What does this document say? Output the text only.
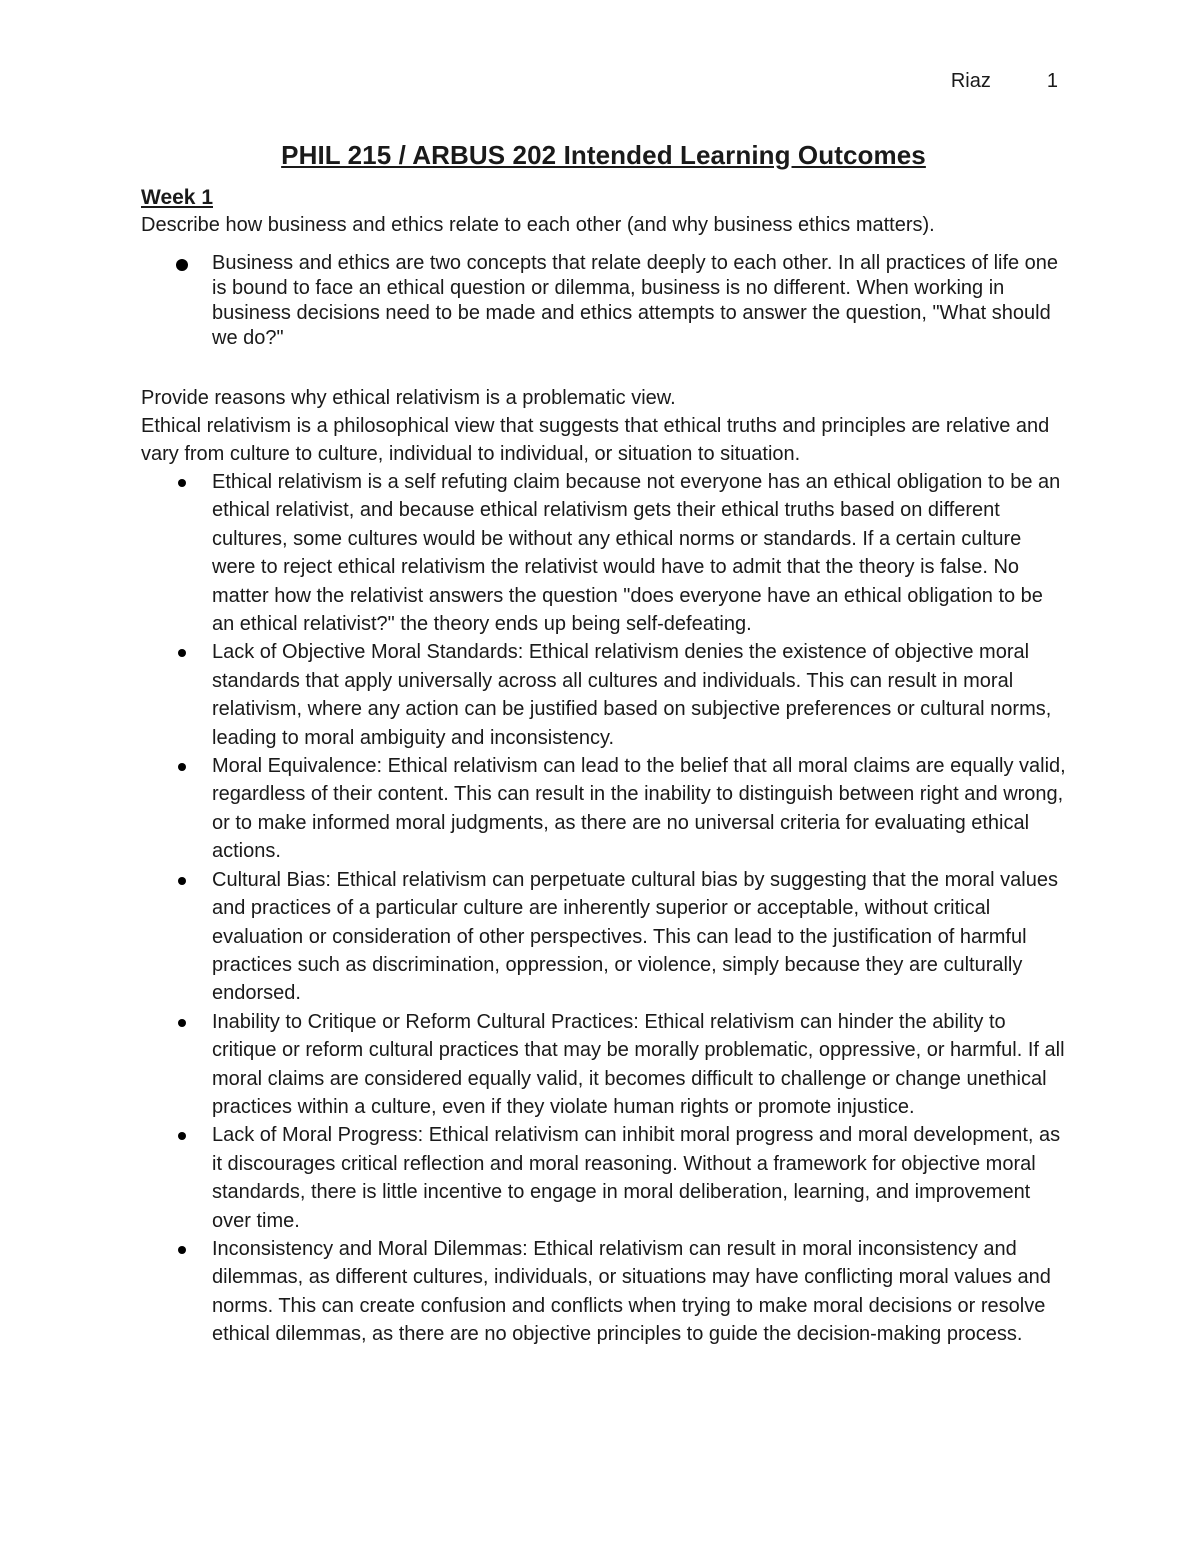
Riaz	1
PHIL 215 / ARBUS 202 Intended Learning Outcomes
Week 1

Describe how business and ethics relate to each other (and why business ethics matters).

Business and ethics are two concepts that relate deeply to each other. In all practices of life one is bound to face an ethical question or dilemma, business is no different. When working in business decisions need to be made and ethics attempts to answer the question, "What should we do?"

Provide reasons why ethical relativism is a problematic view.

Ethical relativism is a philosophical view that suggests that ethical truths and principles are relative and vary from culture to culture, individual to individual, or situation to situation.

Ethical relativism is a self refuting claim because not everyone has an ethical obligation to be an ethical relativist, and because ethical relativism gets their ethical truths based on different cultures, some cultures would be without any ethical norms or standards. If a certain culture were to reject ethical relativism the relativist would have to admit that the theory is false. No matter how the relativist answers the question "does everyone have an ethical obligation to be an ethical relativist?" the theory ends up being self-defeating.
Lack of Objective Moral Standards: Ethical relativism denies the existence of objective moral standards that apply universally across all cultures and individuals. This can result in moral relativism, where any action can be justified based on subjective preferences or cultural norms, leading to moral ambiguity and inconsistency.
Moral Equivalence: Ethical relativism can lead to the belief that all moral claims are equally valid, regardless of their content. This can result in the inability to distinguish between right and wrong, or to make informed moral judgments, as there are no universal criteria for evaluating ethical actions.
Cultural Bias: Ethical relativism can perpetuate cultural bias by suggesting that the moral values and practices of a particular culture are inherently superior or acceptable, without critical evaluation or consideration of other perspectives. This can lead to the justification of harmful practices such as discrimination, oppression, or violence, simply because they are culturally endorsed.
Inability to Critique or Reform Cultural Practices: Ethical relativism can hinder the ability to critique or reform cultural practices that may be morally problematic, oppressive, or harmful. If all moral claims are considered equally valid, it becomes difficult to challenge or change unethical practices within a culture, even if they violate human rights or promote injustice.
Lack of Moral Progress: Ethical relativism can inhibit moral progress and moral development, as it discourages critical reflection and moral reasoning. Without a framework for objective moral standards, there is little incentive to engage in moral deliberation, learning, and improvement over time.
Inconsistency and Moral Dilemmas: Ethical relativism can result in moral inconsistency and dilemmas, as different cultures, individuals, or situations may have conflicting moral values and norms. This can create confusion and conflicts when trying to make moral decisions or resolve ethical dilemmas, as there are no objective principles to guide the decision-making process.
